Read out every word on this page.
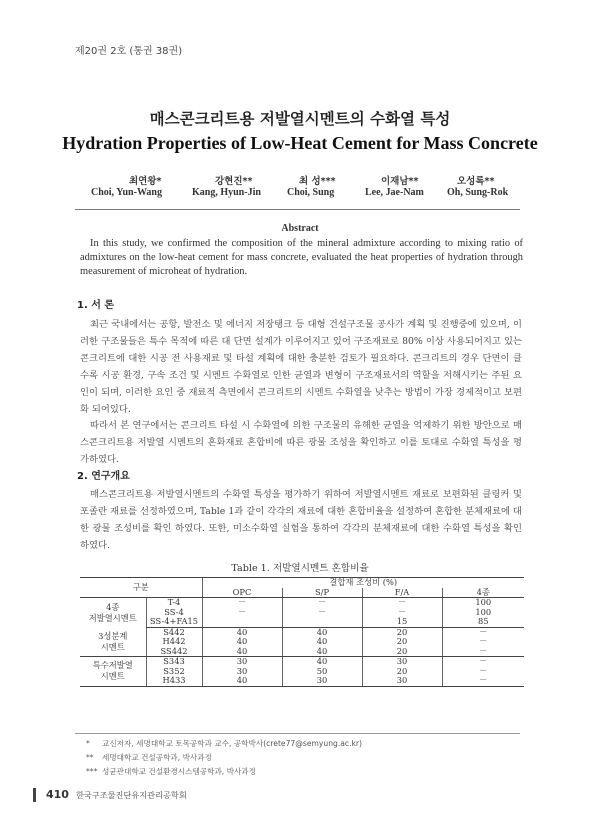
제20권 2호 (통권 38권)
매스콘크리트용 저발열시멘트의 수화열 특성
Hydration Properties of Low-Heat Cement for Mass Concrete
최연왕*	강현진**	최 성***	이재남**	오성록**
Choi, Yun-Wang	Kang, Hyun-Jin	Choi, Sung	Lee, Jae-Nam Oh, Sung-Rok
Abstract

In this study, we confirmed the composition of the mineral admixture according to mixing ratio of admixtures on the low-heat cement for mass concrete, evaluated the heat properties of hydration through measurement of microheat of hydration.

1. 서 론

최근 국내에서는 공항, 발전소 및 에너지 저장탱크 등 대형 건설구조물 공사가 계획 및 진행중에 있으며, 이러한 구조물들은 특수 목적에 따른 대 단면 설계가 이루어지고 있어 구조재료로 80% 이상 사용되어지고 있는 콘크리트에 대한 시공 전 사용재료 및 타설 계획에 대한 충분한 검토가 필요하다. 콘크리트의 경우 단면이 클수록 시공 환경, 구속 조건 및 시멘트 수화열로 인한 균열과 변형이 구조재료서의 역할을 저해시키는 주된 요인이 되며, 이러한 요인 중 재료적 측면에서 콘크리트의 시멘트 수화열을 낮추는 방법이 가장 경제적이고 보편화 되어있다.

따라서 본 연구에서는 콘크리트 타설 시 수화열에 의한 구조물의 유해한 균열을 억제하기 위한 방안으로 매스콘크리트용 저발열 시멘트의 혼화재료 혼합비에 따른 광물 조성을 확인하고 이를 토대로 수화열 특성을 평가하였다.

2. 연구개요

매스콘크리트용 저발열시멘트의 수화열 특성을 평가하기 위하여 저발열시멘트 재료로 보편화된 클링커 및 포졸란 재료를 선정하였으며, Table 1과 같이 각각의 재료에 대한 혼합비율을 설정하여 혼합한 분체재료에 대한 광물 조성비를 확인 하였다. 또한, 미소수화열 실험을 통하여 각각의 분체재료에 대한 수화열 특성을 확인하였다.

Table 1. 저발열시멘트 혼합비율
구분		결합재 조성비 (%)			
		OPC	S/P	F/A	4종
4종
저발열시멘트	T-4	－	－	－	100
	SS-4	－	－	－	100
	SS-4+FA15			15	85
3성분계
시멘트	S442	40	40	20	－
	H442	40	40	20	－
	SS442	40	40	20	－
특수저발열
시멘트	S343	30	40	30	－
	S352	30	50	20	－
	H433	40	30	30	－
* 교신저자, 세명대학교 토목공학과 교수, 공학박사(crete77@semyung.ac.kr)
** 세명대학교 건설공학과, 박사과정
*** 성균관대학교 건설환경시스템공학과, 박사과정
410 한국구조물진단유지관리공학회
